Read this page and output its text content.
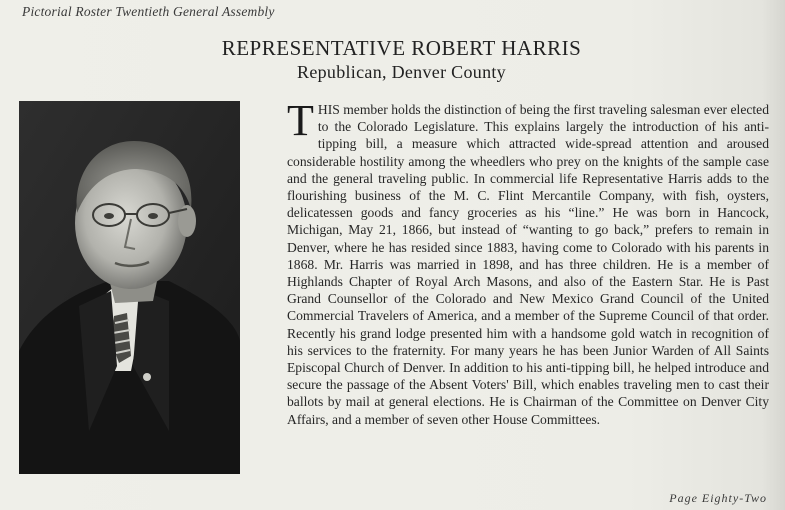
Pictorial Roster Twentieth General Assembly
REPRESENTATIVE ROBERT HARRIS
Republican, Denver County
THIS member holds the distinction of being the first traveling salesman ever elected to the Colorado Legislature. This explains largely the introduction of his anti-tipping bill, a measure which attracted wide-spread attention and aroused considerable hostility among the wheedlers who prey on the knights of the sample case and the general traveling public. In commercial life Representative Harris adds to the flourishing business of the M. C. Flint Mercantile Company, with fish, oysters, delicatessen goods and fancy groceries as his “line.” He was born in Hancock, Michigan, May 21, 1866, but instead of “wanting to go back,” prefers to remain in Denver, where he has resided since 1883, having come to Colorado with his parents in 1868. Mr. Harris was married in 1898, and has three children. He is a member of Highlands Chapter of Royal Arch Masons, and also of the Eastern Star. He is Past Grand Counsellor of the Colorado and New Mexico Grand Council of the United Commercial Travelers of America, and a member of the Supreme Council of that order. Recently his grand lodge presented him with a handsome gold watch in recognition of his services to the fraternity. For many years he has been Junior Warden of All Saints Episcopal Church of Denver. In addition to his anti-tipping bill, he helped introduce and secure the passage of the Absent Voters' Bill, which enables traveling men to cast their ballots by mail at general elections. He is Chairman of the Committee on Denver City Affairs, and a member of seven other House Committees.
Page Eighty-Two
